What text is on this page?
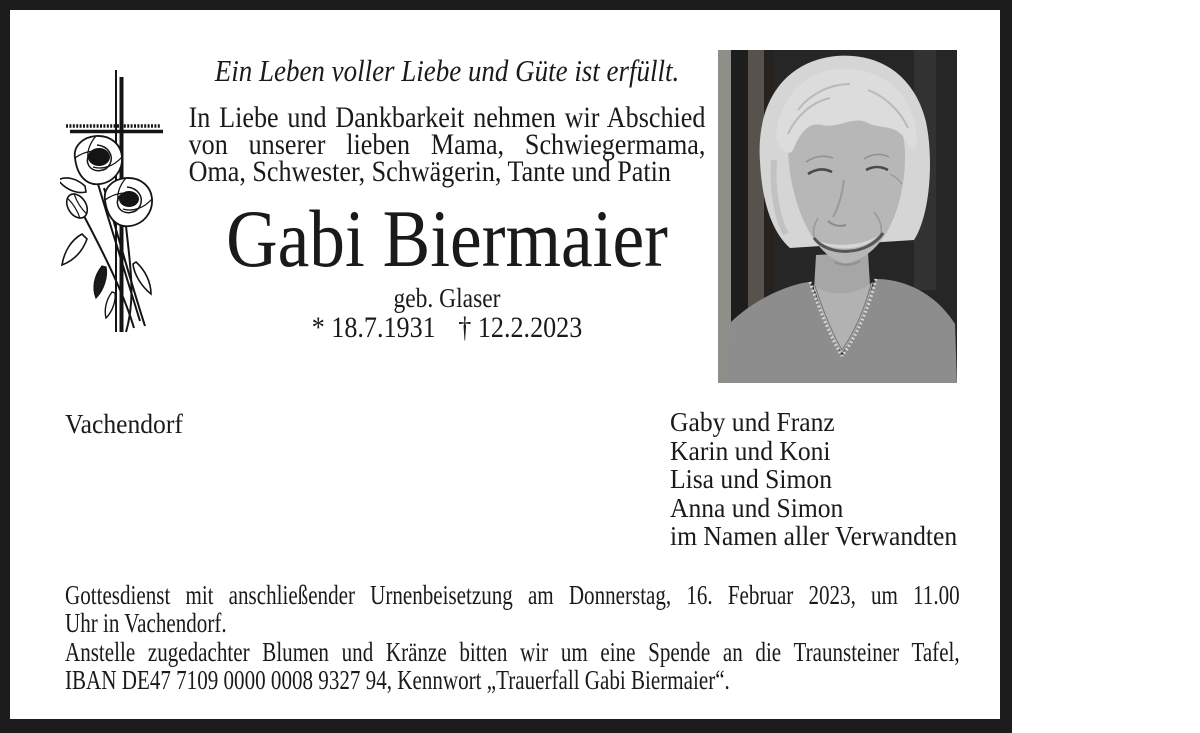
Ein Leben voller Liebe und Güte ist erfüllt.
In Liebe und Dankbarkeit nehmen wir Abschied
von unserer lieben Mama, Schwiegermama,
Oma, Schwester, Schwägerin, Tante und Patin
Gabi Biermaier
geb. Glaser
* 18.7.1931 † 12.2.2023
Vachendorf	Gaby und Franz
Karin und Koni
Lisa und Simon
Anna und Simon
im Namen aller Verwandten
Gottesdienst mit anschließender Urnenbeisetzung am Donnerstag, 16. Februar 2023, um 11.00
Uhr in Vachendorf.
Anstelle zugedachter Blumen und Kränze bitten wir um eine Spende an die Traunsteiner Tafel,
IBAN DE47 7109 0000 0008 9327 94, Kennwort „Trauerfall Gabi Biermaier“.
